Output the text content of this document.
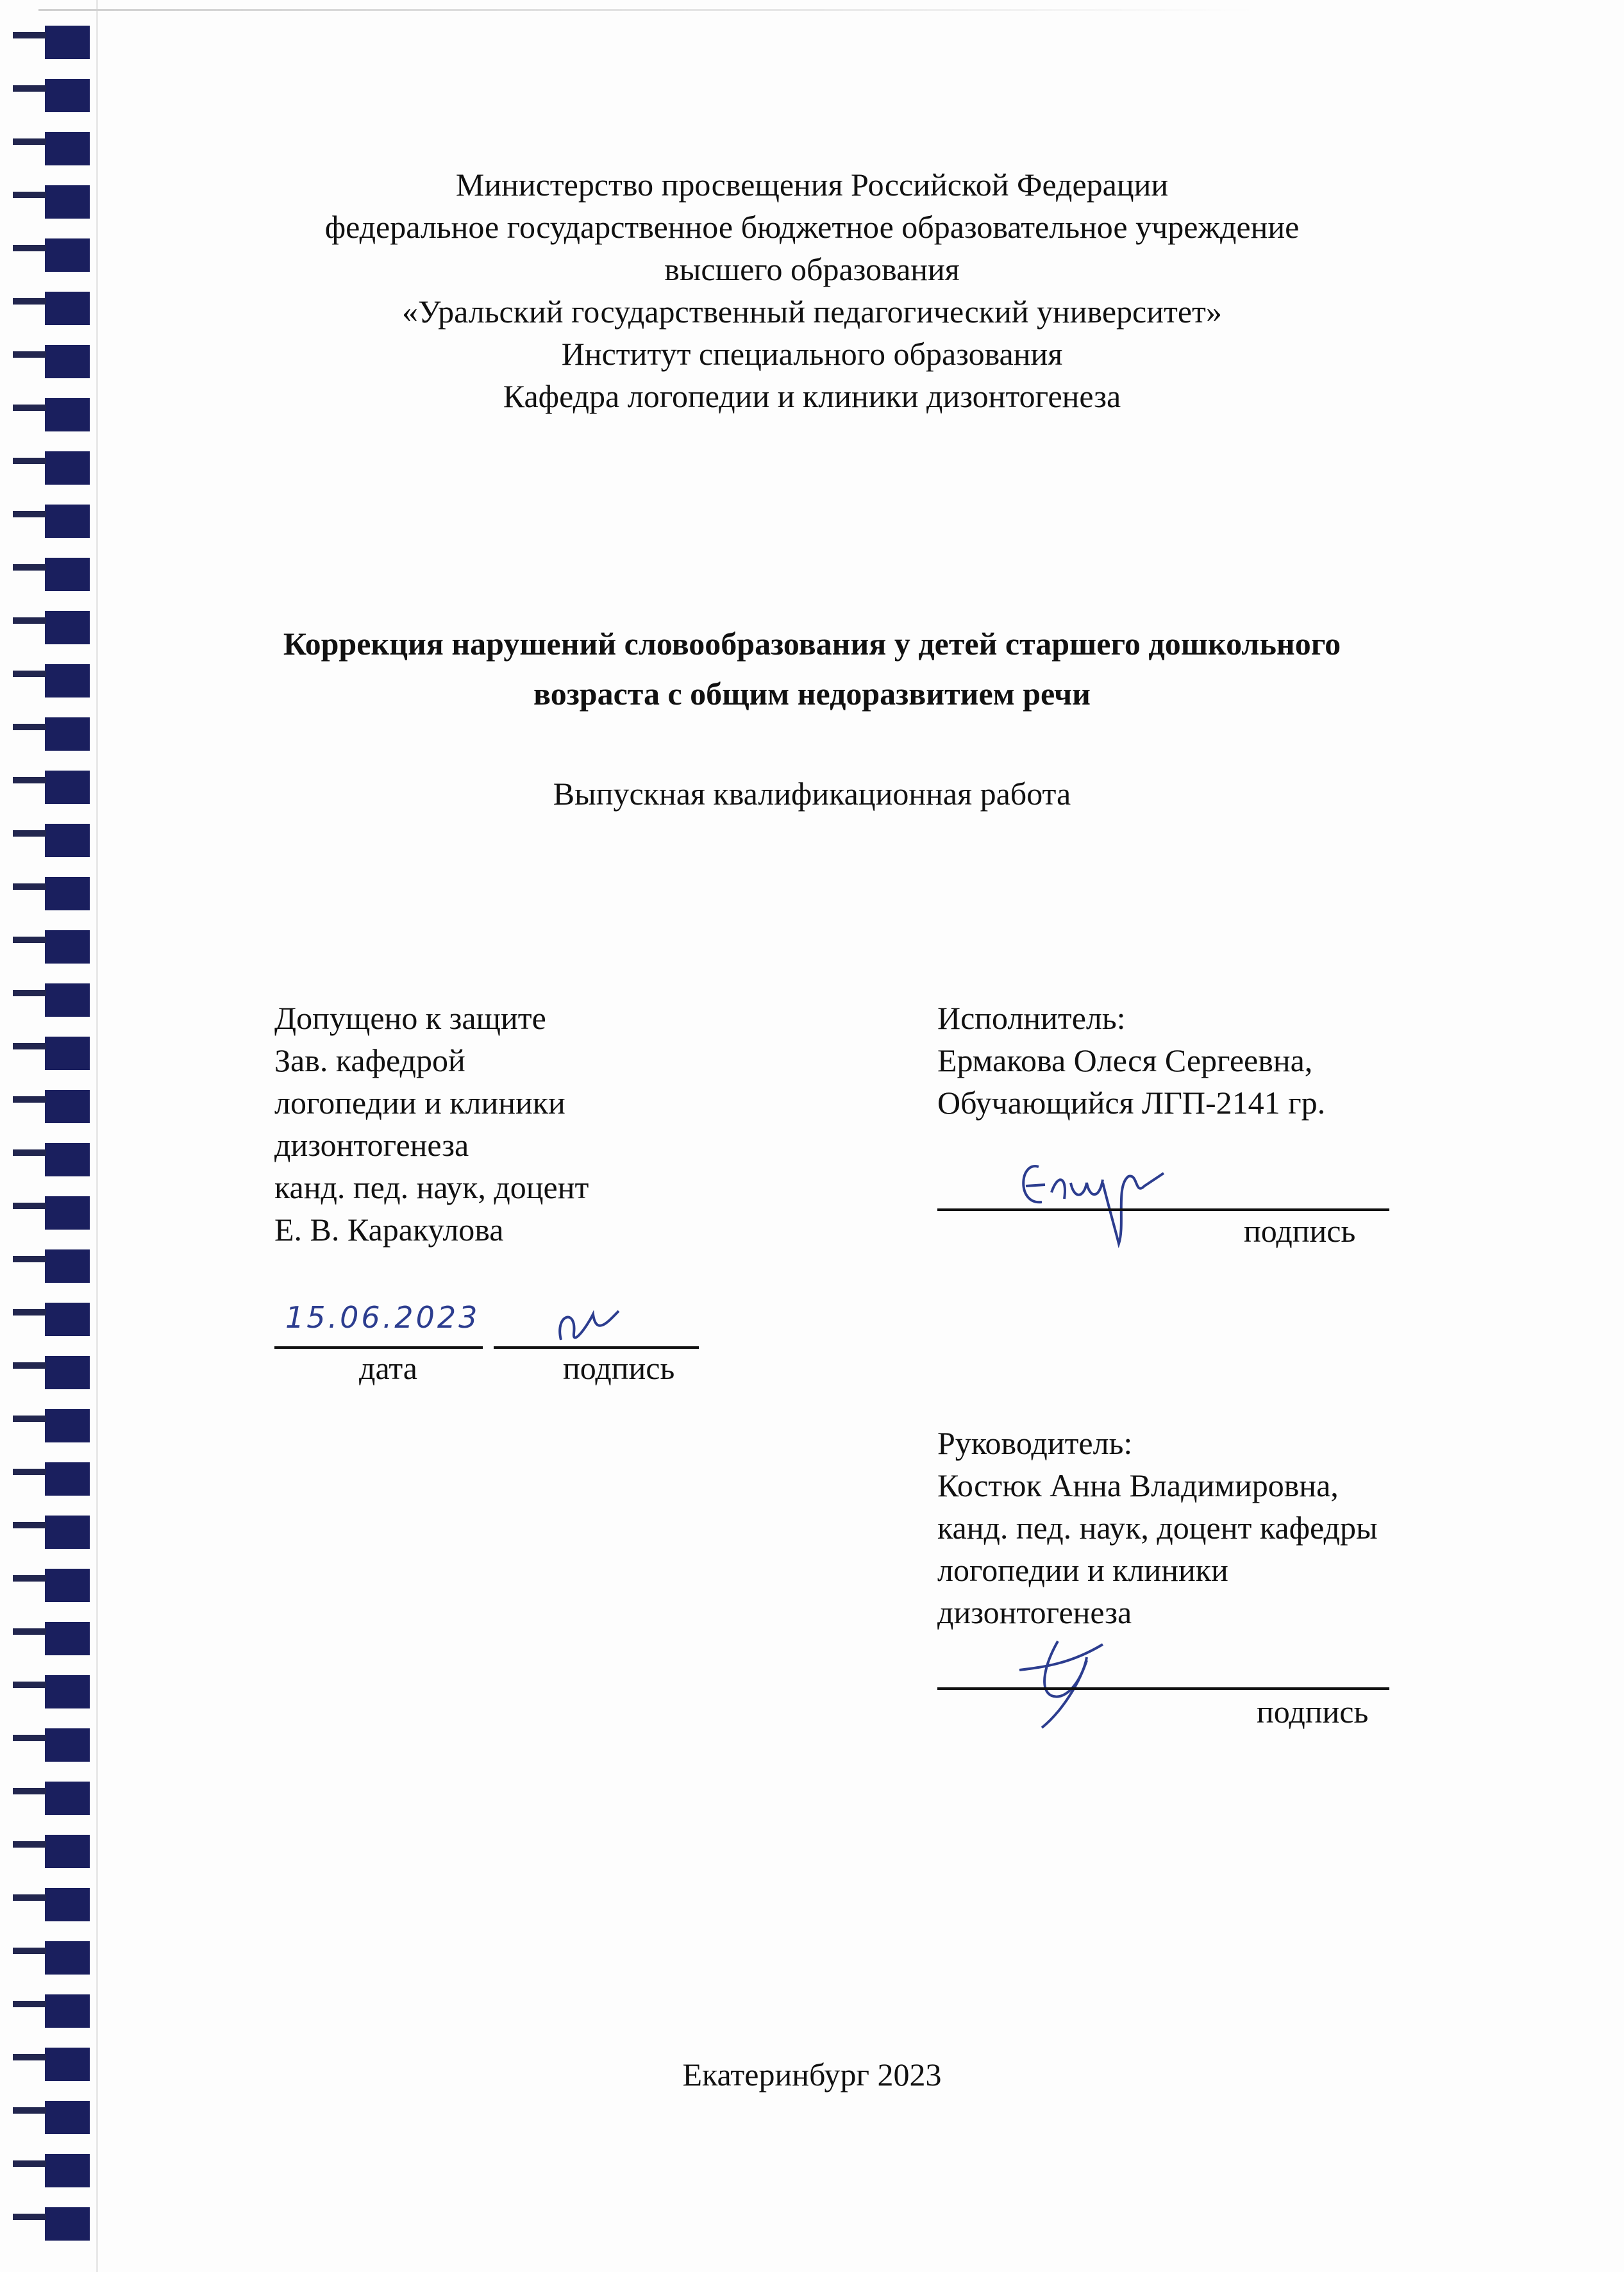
Министерство просвещения Российской Федерации
федеральное государственное бюджетное образовательное учреждение
высшего образования
«Уральский государственный педагогический университет»
Институт специального образования
Кафедра логопедии и клиники дизонтогенеза
Коррекция нарушений словообразования у детей старшего дошкольного
возраста с общим недоразвитием речи
Выпускная квалификационная работа
Допущено к защите
Зав. кафедрой
логопедии и клиники
дизонтогенеза
канд. пед. наук, доцент
Е. В. Каракулова
15.06.2023
дата	подпись
Исполнитель:
Ермакова Олеся Сергеевна,
Обучающийся ЛГП-2141 гр.
подпись
Руководитель:
Костюк Анна Владимировна,
канд. пед. наук, доцент кафедры
логопедии и клиники
дизонтогенеза
подпись
Екатеринбург 2023
